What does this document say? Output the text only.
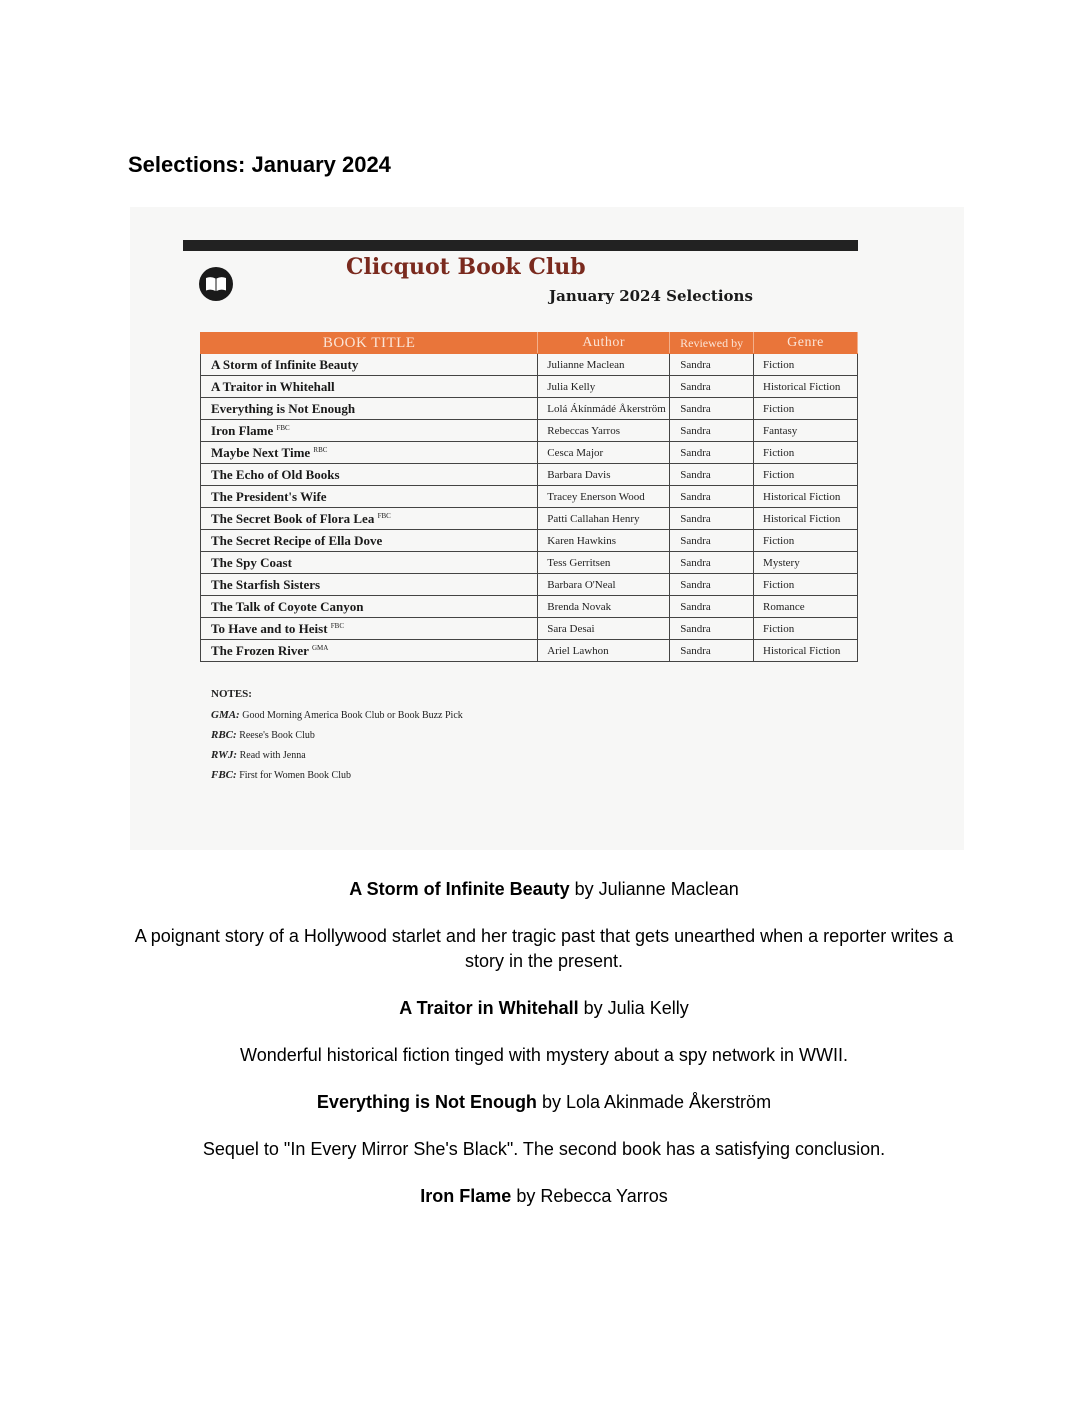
Selections: January 2024
Clicquot Book Club
January 2024 Selections
BOOK TITLE	Author	Reviewed by	Genre
A Storm of Infinite Beauty	Julianne Maclean	Sandra	Fiction
A Traitor in Whitehall	Julia Kelly	Sandra	Historical Fiction
Everything is Not Enough	Lolá Ákínmádé Åkerström	Sandra	Fiction
Iron Flame $^{FBC}$	Rebeccas Yarros	Sandra	Fantasy
Maybe Next Time $^{RBC}$	Cesca Major	Sandra	Fiction
The Echo of Old Books	Barbara Davis	Sandra	Fiction
The President's Wife	Tracey Enerson Wood	Sandra	Historical Fiction
The Secret Book of Flora Lea $^{FBC}$	Patti Callahan Henry	Sandra	Historical Fiction
The Secret Recipe of Ella Dove	Karen Hawkins	Sandra	Fiction
The Spy Coast	Tess Gerritsen	Sandra	Mystery
The Starfish Sisters	Barbara O'Neal	Sandra	Fiction
The Talk of Coyote Canyon	Brenda Novak	Sandra	Romance
To Have and to Heist $^{FBC}$	Sara Desai	Sandra	Fiction
The Frozen River $^{GMA}$	Ariel Lawhon	Sandra	Historical Fiction
NOTES:
GMA: Good Morning America Book Club or Book Buzz Pick
RBC: Reese's Book Club
RWJ: Read with Jenna
FBC: First for Women Book Club

A Storm of Infinite Beauty by Julianne Maclean

A poignant story of a Hollywood starlet and her tragic past that gets unearthed when a reporter writes a story in the present.

A Traitor in Whitehall by Julia Kelly

Wonderful historical fiction tinged with mystery about a spy network in WWII.

Everything is Not Enough by Lola Akinmade Åkerström

Sequel to "In Every Mirror She's Black". The second book has a satisfying conclusion.

Iron Flame by Rebecca Yarros
